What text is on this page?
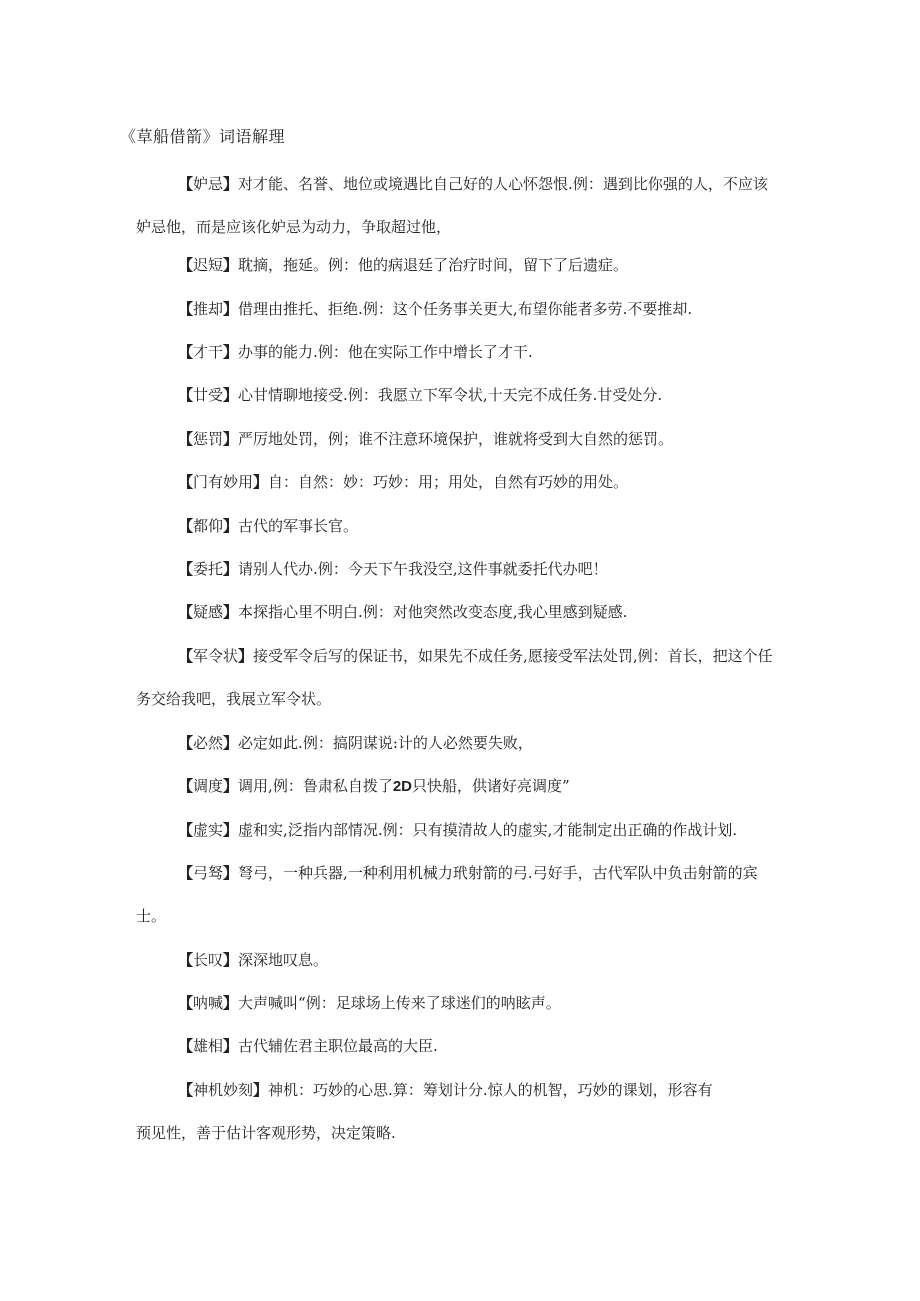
《草船借箭》词语解理
【妒忌】对才能、名誉、地位或境遇比自己好的人心怀怨恨.例：遇到比你强的人，不应该
妒忌他，而是应该化妒忌为动力，争取超过他，
【迟短】耽摘，拖延。例：他的病退廷了治疗时间，留下了后遗症。
【推却】借理由推托、拒绝.例：这个任务事关更大,布望你能者多劳.不要推却.
【才干】办事的能力.例：他在实际工作中增长了才干.
【廿受】心甘情聊地接受.例：我愿立下军令状,十天完不成任务.甘受处分.
【惩罚】严厉地处罚，例；谁不注意环境保护，谁就将受到大自然的惩罚。
【门有妙用】自：自然：妙：巧妙：用；用处，自然有巧妙的用处。
【都仰】古代的军事长官。
【委托】请别人代办.例：今天下午我没空,这件事就委托代办吧！
【疑感】本探指心里不明白.例：对他突然改变态度,我心里感到疑感.
【军令状】接受军令后写的保证书，如果先不成任务,愿接受军法处罚,例：首长，把这个任
务交给我吧，我展立军令状。
【必然】必定如此.例：搞阴谋说:计的人必然要失败，
【调度】调用,例：鲁肃私自拨了2D只快船，供诸好亮调度”
【虚实】虚和实,泛指内部情况.例：只有摸清故人的虚实,才能制定出正确的作战计划.
【弓驽】弩弓，一种兵器,一种利用机械力玳射箭的弓.弓好手，古代军队中负击射箭的宾
士。
【长叹】深深地叹息。
【呐喊】大声喊叫“例：足球场上传来了球迷们的呐眩声。
【雄相】古代辅佐君主职位最高的大臣.
【神机妙刻】神机：巧妙的心思.算：筹划计分.惊人的机智，巧妙的课划，形容有
预见性，善于估计客观形势，决定策略.
